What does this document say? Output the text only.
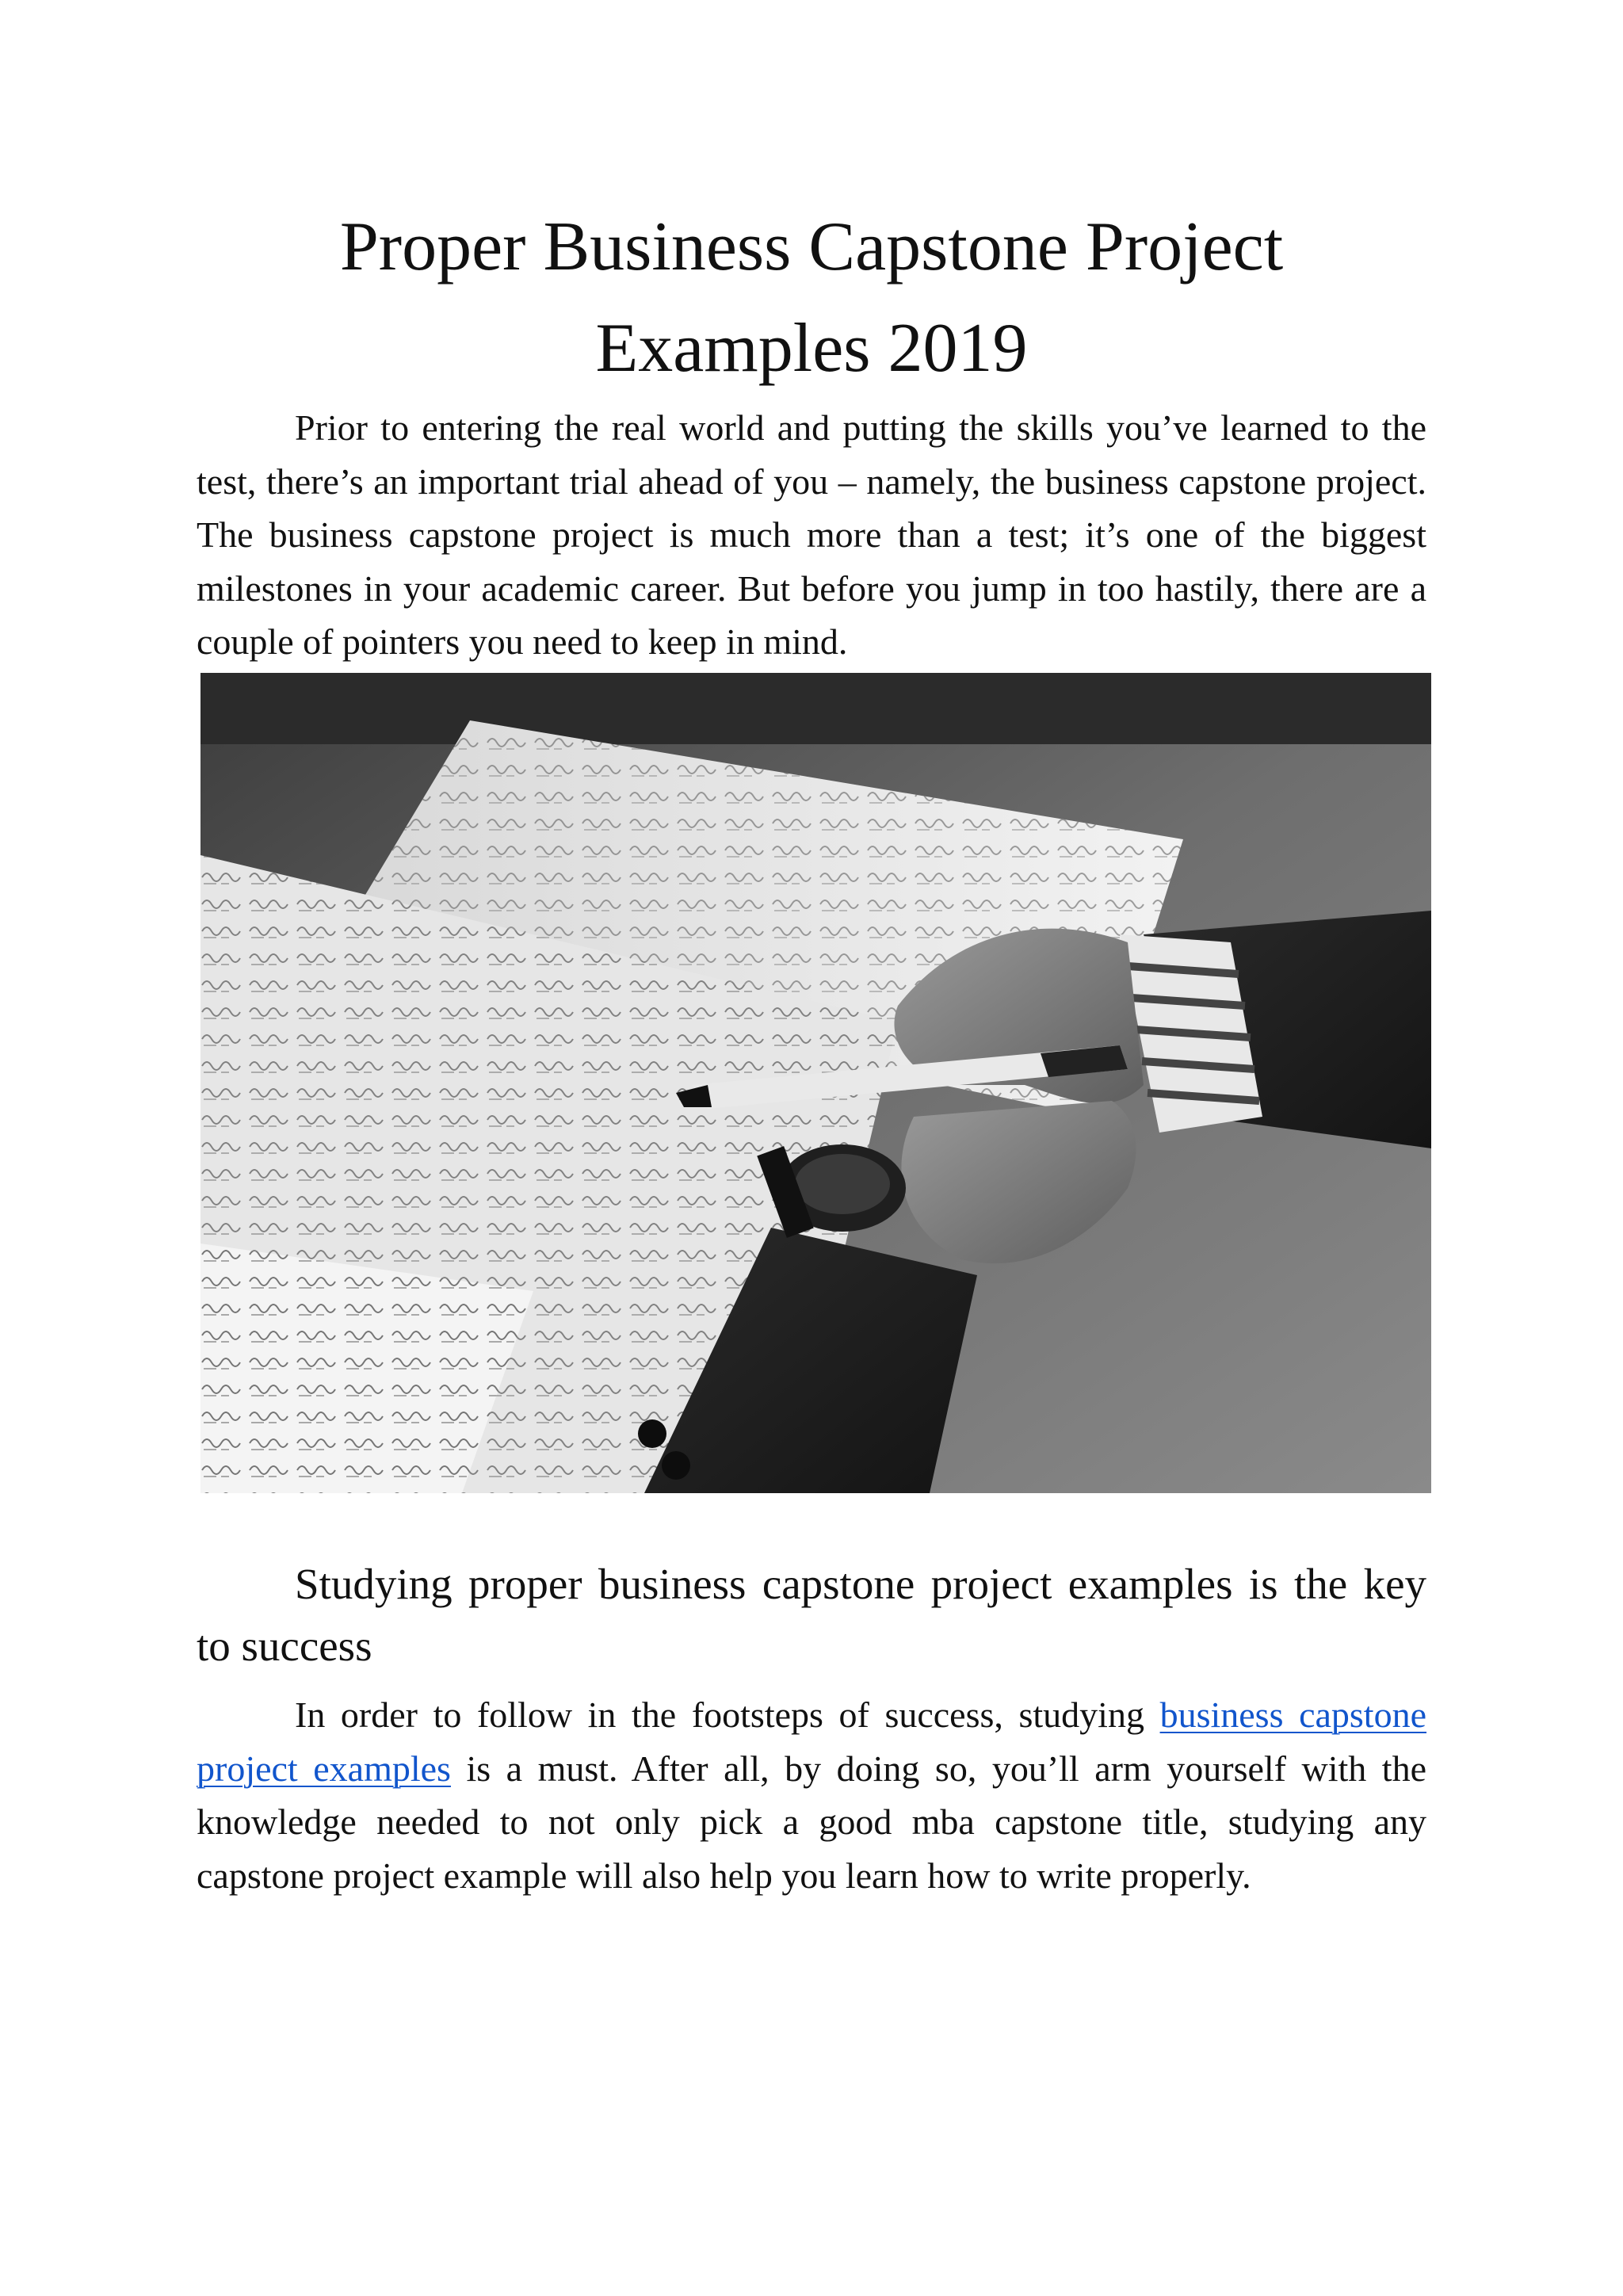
Proper Business Capstone Project Examples 2019

Prior to entering the real world and putting the skills you’ve learned to the test, there’s an important trial ahead of you – namely, the business capstone project. The business capstone project is much more than a test; it’s one of the biggest milestones in your academic career. But before you jump in too hastily, there are a couple of pointers you need to keep in mind.

Studying proper business capstone project examples is the key to success

In order to follow in the footsteps of success, studying business capstone project examples is a must. After all, by doing so, you’ll arm yourself with the knowledge needed to not only pick a good mba capstone title, studying any capstone project example will also help you learn how to write properly.
